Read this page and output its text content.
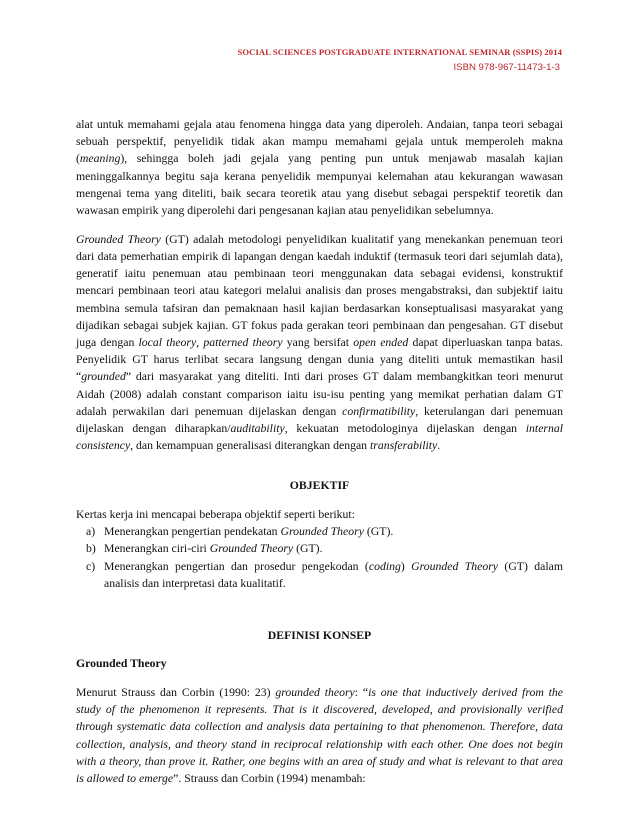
SOCIAL SCIENCES POSTGRADUATE INTERNATIONAL SEMINAR (SSPIS) 2014
ISBN 978-967-11473-1-3

alat untuk memahami gejala atau fenomena hingga data yang diperoleh. Andaian, tanpa teori sebagai sebuah perspektif, penyelidik tidak akan mampu memahami gejala untuk memperoleh makna (meaning), sehingga boleh jadi gejala yang penting pun untuk menjawab masalah kajian meninggalkannya begitu saja kerana penyelidik mempunyai kelemahan atau kekurangan wawasan mengenai tema yang diteliti, baik secara teoretik atau yang disebut sebagai perspektif teoretik dan wawasan empirik yang diperolehi dari pengesanan kajian atau penyelidikan sebelumnya.

Grounded Theory (GT) adalah metodologi penyelidikan kualitatif yang menekankan penemuan teori dari data pemerhatian empirik di lapangan dengan kaedah induktif (termasuk teori dari sejumlah data), generatif iaitu penemuan atau pembinaan teori menggunakan data sebagai evidensi, konstruktif mencari pembinaan teori atau kategori melalui analisis dan proses mengabstraksi, dan subjektif iaitu membina semula tafsiran dan pemaknaan hasil kajian berdasarkan konseptualisasi masyarakat yang dijadikan sebagai subjek kajian. GT fokus pada gerakan teori pembinaan dan pengesahan. GT disebut juga dengan local theory, patterned theory yang bersifat open ended dapat diperluaskan tanpa batas. Penyelidik GT harus terlibat secara langsung dengan dunia yang diteliti untuk memastikan hasil “grounded” dari masyarakat yang diteliti. Inti dari proses GT dalam membangkitkan teori menurut Aidah (2008) adalah constant comparison iaitu isu-isu penting yang memikat perhatian dalam GT adalah perwakilan dari penemuan dijelaskan dengan confirmatibility, keterulangan dari penemuan dijelaskan dengan diharapkan/auditability, kekuatan metodologinya dijelaskan dengan internal consistency, dan kemampuan generalisasi diterangkan dengan transferability.

OBJEKTIF

Kertas kerja ini mencapai beberapa objektif seperti berikut:

a) Menerangkan pengertian pendekatan Grounded Theory (GT).
b) Menerangkan ciri-ciri Grounded Theory (GT).
c) Menerangkan pengertian dan prosedur pengekodan (coding) Grounded Theory (GT) dalam analisis dan interpretasi data kualitatif.

DEFINISI KONSEP

Grounded Theory

Menurut Strauss dan Corbin (1990: 23) grounded theory: “is one that inductively derived from the study of the phenomenon it represents. That is it discovered, developed, and provisionally verified through systematic data collection and analysis data pertaining to that phenomenon. Therefore, data collection, analysis, and theory stand in reciprocal relationship with each other. One does not begin with a theory, than prove it. Rather, one begins with an area of study and what is relevant to that area is allowed to emerge”. Strauss dan Corbin (1994) menambah:
